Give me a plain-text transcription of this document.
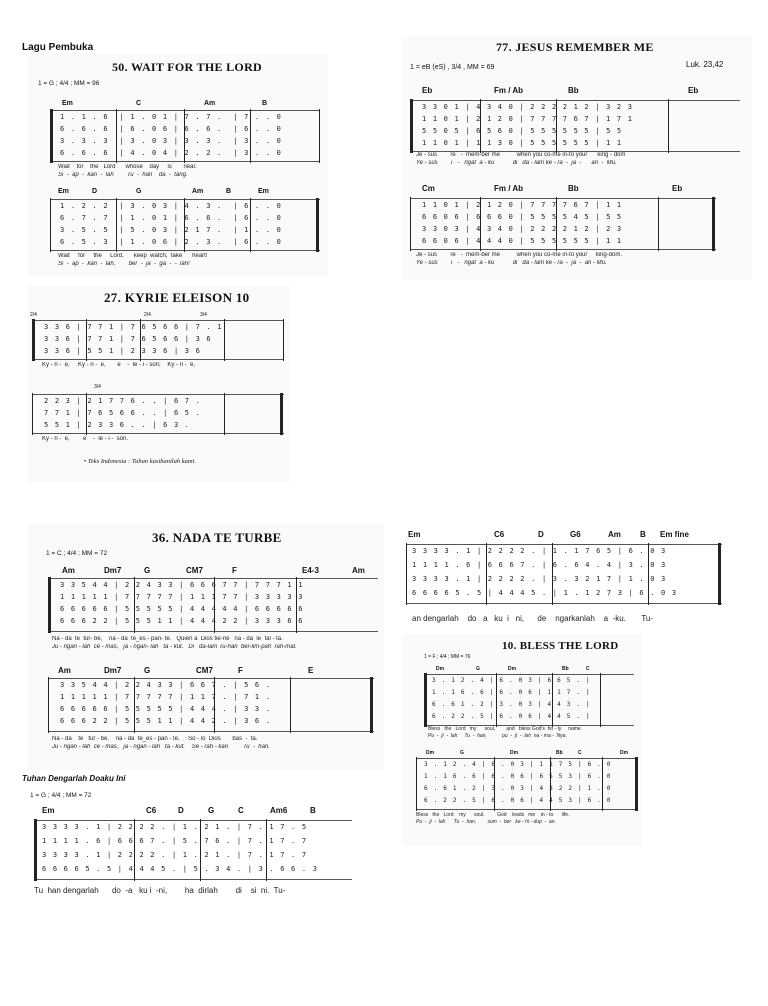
Lagu Pembuka
50. WAIT FOR THE LORD
1 = G ; 4/4 ; MM = 96
Em	C	Am	B
1 . 1 . 6  | 1 . 0 1 | 7 . 7 .  | 7 . . 0
6 . 6 . 6  | 6 . 0 6 | 6 . 6 .  | 6 . . 0
3 . 3 . 3  | 3 . 0 3 | 3 . 3 .  | 3 . . 0
6 . 6 . 6  | 4 . 0 4 | 2 . 2 .  | 3 . . 0
Wait    for    the   Lord      whose    day     is       near.
Si  -  ap  -  kan  -  lah        Tu  -  han    da  -  tang.
Em	D	G	Am	B	Em
1 . 2 . 2  | 3 . 0 3 | 4 . 3 .  | 6 . . 0
6 . 7 . 7  | 1 . 0 1 | 6 . 6 .  | 6 . . 0
3 . 5 . 5  | 5 . 0 3 | 2 1 7 .  | 1 . . 0
6 . 5 . 3  | 1 . 0 6 | 2 . 3 .  | 6 . . 0
Wait     for     the     Lord,      keep  watch,  take      heart!
Si  -  ap  -  kan  -  lah,        ber  -  ja  -  ga  -  -  lah!
27. KYRIE ELEISON 10
2/4	2/4	3/4
3 3 6 | 7 7 1 | 7 6 5 6 6 | 7 . 1
3 3 6 | 7 7 1 | 7 6 5 6 6 | 3 6
3 3 6 | 5 5 1 | 2 3 3 6 | 3 6
Ky - ri -  e,     Ky - ri -  e,       e    -  le - i - son;    Ky - ri -  e,
3/4
2 2 3 | 2 1 7 7 6 . . | 6 7 .
7 7 1 | 7 6 5 6 6 . . | 6 5 .
5 5 1 | 2 3 3 6 . . | 6 3 .
Ky - ri -  e,        e    -  le - i -  son.
• Teks Indonesia : Tuhan kasihanilah kami.
77. JESUS REMEMBER ME
Luk. 23,42
1 = eB (eS) , 3/4 , MM = 69
Eb	Fm / Ab	Bb	Eb
3 3 0 1 | 4 3 4 0 | 2 2 2 2 1 2 | 3 2 3
1 1 0 1 | 2 1 2 0 | 7 7 7 7 6 7 | 1 7 1
5 5 0 5 | 6 5 6 0 | 5 5 5 5 5 5 | 5 5
1 1 0 1 | 1 1 3 0 | 5 5 5 5 5 5 | 1 1
Je - sus        re   -  mem-ber me          when you co-me in-to your      king - dom
Ye - sus        i   -   ngat  a - ku           di   da - lam ke - ra  -  ja  -      an  -  Mu.
Cm	Fm / Ab	Bb	Eb
1 1 0 1 | 2 1 2 0 | 7 7 7 7 6 7 | 1 1
6 6 0 6 | 6 6 6 0 | 5 5 5 5 4 5 | 5 5
3 3 0 3 | 4 3 4 0 | 2 2 2 2 1 2 | 2 3
6 6 0 6 | 4 4 4 0 | 5 5 5 5 5 5 | 1 1
Je - sus        re   -  mem-ber me          when you co-me in-to your     king-dom.
Ye - sus        i   -   ngat  a - ku           di   da - lam ke - ra  -  ja  -  an - Mu.
36. NADA TE TURBE
1 = C ; 4/4 ; MM = 72
Am	Dm7	G	CM7	F	E4-3	Am
3 3 5 4 4 | 2 2 4 3 3 | 6 6 6 7 7 | 7 7 7 1 1
1 1 1 1 1 | 7 7 7 7 7 | 1 1 1 7 7 | 3 3 3 3 3
6 6 6 6 6 | 5 5 5 5 5 | 4 4 4 4 4 | 6 6 6 6 6
6 6 6 2 2 | 5 5 5 1 1 | 4 4 4 2 2 | 3 3 3 6 6
Na - da  te  tur- be,    na - da  te_es - pan- te.   Quien a  Dios tie-ne   na - da  le  fal - ta.
Ju - ngan - lah  ce - mas,   ja - ngan- lah   ta - kut.   Di   da-lam Tu-han  ber-lim-pah  rah-mat.
Am	Dm7	G	CM7	F	E
3 3 5 4 4 | 2 2 4 3 3 | 6 6 7 . | 5 6 .
1 1 1 1 1 | 7 7 7 7 7 | 1 1 7 . | 7 1 .
6 6 6 6 6 | 5 5 5 5 5 | 4 4 4 . | 3 3 .
6 6 6 2 2 | 5 5 5 1 1 | 4 4 2 . | 3 6 .
Na - da    te   tur - be,    na - da  te_es - pan - te.     So - lo  Dios       bas  -  ta.
Ju - ngan - lah  ce - mas,   ja - ngan - lah   ta - kut.    Se - rah - kan         Tu  -  han.
Em	C6	D	G6	Am B Em fine
3 3 3 3 . 1 | 2 2 2 2 . | 1 . 1 7 6 5 | 6 . 0 3
1 1 1 1 . 6 | 6 6 6 7 . | 6 . 6 4 . 4 | 3 . 0 3
3 3 3 3 . 1 | 2 2 2 2 . | 3 . 3 2 1 7 | 1 . 0 3
6 6 6 6 5 . 5 | 4 4 4 5 . | 1 . 1 2 7 3 | 6 . 0 3
an dengarlah    do   a   ku  i   ni,      de    ngarkanlah    a  -ku.       Tu-
10. BLESS THE LORD
1 = F ; 4/4 ; MM = 76
Dm	G	Dm	Bb	C
3 . 1 2 . 4 | 6 . 0 3 | 6 6 5 . |
1 . 1 6 . 6 | 6 . 0 6 | 1 1 7 . |
6 . 6 1 . 2 | 3 . 0 3 | 4 4 3 . |
6 . 2 2 . 5 | 6 . 0 6 | 4 4 5 . |
Bless   the   Lord   my      soul,        and   bless God's  ho - ly     name.
Pu  -  ji  -  lah     Tu  -  han,           pu  -  ji  -  lah  na - ma -  Nya.
Dm	G	Dm	Bb	C	Dm
3 . 1 2 . 4 | 6 . 0 3 | 1 1 7 5 | 6 . 0
1 . 1 6 . 6 | 6 . 0 6 | 6 5 5 3 | 6 . 0
6 . 6 1 . 2 | 3 . 0 3 | 4 3 2 2 | 1 . 0
6 . 2 2 . 5 | 6 . 0 6 | 4 4 5 3 | 6 . 0
Bless   the   Lord    my      soul.         God    leads   me    in - to      life.
Pu  -  ji  -  lah      Tu  -  han,        sum  -  ber   ke - hi - dup  -  an.
Tuhan Dengarlah Doaku Ini
1 = G ; 4/4 ; MM = 72
Em	C6	D	G	C	Am6	B
3 3 3 3 . 1 | 2 2 2 2 . | 1 . 2 1 . | 7 . 1 7 . 5
1 1 1 1 . 6 | 6 6 6 7 . | 5 . 7 6 . | 7 . 1 7 . 7
3 3 3 3 . 1 | 2 2 2 2 . | 1 . 2 1 . | 7 . 1 7 . 7
6 6 6 6 5 . 5 | 4 4 4 5 . | 5 . 3 4 . | 3 . 6 6 . 3
Tu  han dengarlah      do  -a   ku i  -ni,        ha  dirlah        di    si  ni.  Tu-
